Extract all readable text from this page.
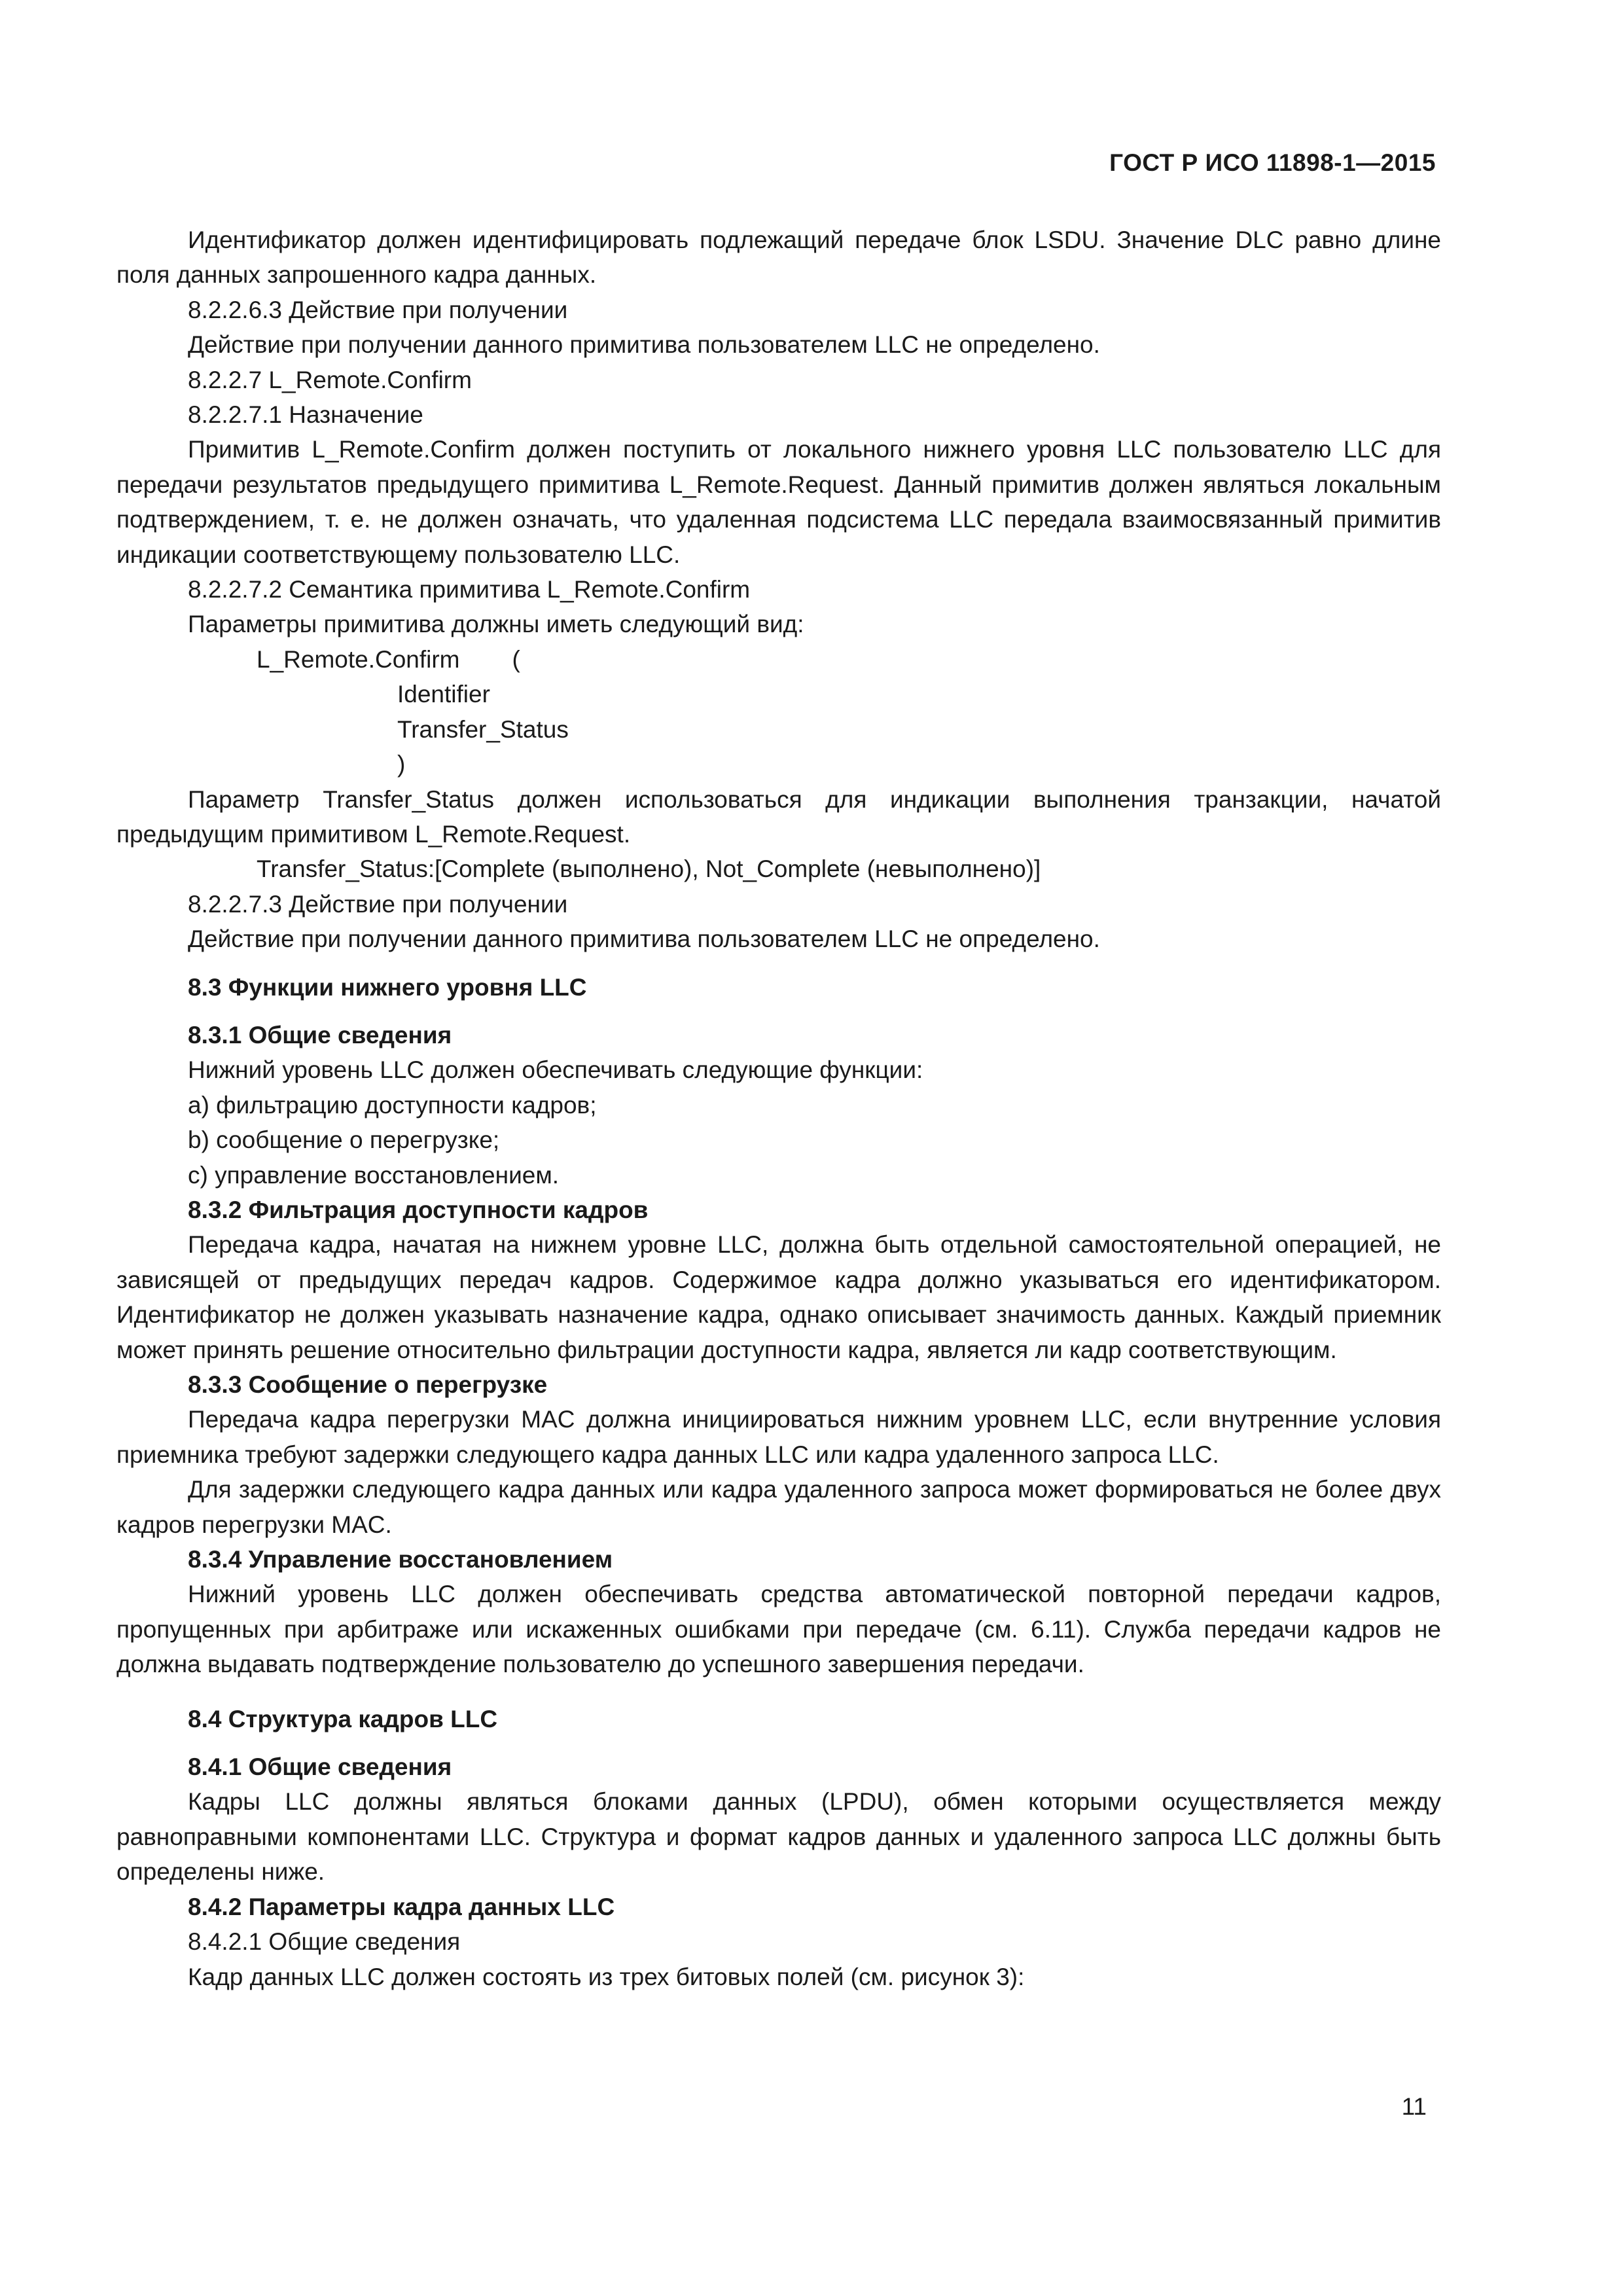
ГОСТ Р ИСО 11898-1—2015

Идентификатор должен идентифицировать подлежащий передаче блок LSDU. Значение DLC равно длине поля данных запрошенного кадра данных.

8.2.2.6.3 Действие при получении

Действие при получении данного примитива пользователем LLC не определено.

8.2.2.7 L_Remote.Confirm

8.2.2.7.1 Назначение

Примитив L_Remote.Confirm должен поступить от локального нижнего уровня LLC пользователю LLC для передачи результатов предыдущего примитива L_Remote.Request. Данный примитив должен являться локальным подтверждением, т. е. не должен означать, что удаленная подсистема LLC передала взаимосвязанный примитив индикации соответствующему пользователю LLC.

8.2.2.7.2 Семантика примитива L_Remote.Confirm

Параметры примитива должны иметь следующий вид:

L_Remote.Confirm (

Identifier

Transfer_Status

)

Параметр Transfer_Status должен использоваться для индикации выполнения транзакции, начатой предыдущим примитивом L_Remote.Request.

Transfer_Status:[Complete (выполнено), Not_Complete (невыполнено)]

8.2.2.7.3 Действие при получении

Действие при получении данного примитива пользователем LLC не определено.

8.3 Функции нижнего уровня LLC

8.3.1 Общие сведения

Нижний уровень LLC должен обеспечивать следующие функции:

a) фильтрацию доступности кадров;

b) сообщение о перегрузке;

c) управление восстановлением.

8.3.2 Фильтрация доступности кадров

Передача кадра, начатая на нижнем уровне LLC, должна быть отдельной самостоятельной операцией, не зависящей от предыдущих передач кадров. Содержимое кадра должно указываться его идентификатором. Идентификатор не должен указывать назначение кадра, однако описывает значимость данных. Каждый приемник может принять решение относительно фильтрации доступности кадра, является ли кадр соответствующим.

8.3.3 Сообщение о перегрузке

Передача кадра перегрузки MAC должна инициироваться нижним уровнем LLC, если внутренние условия приемника требуют задержки следующего кадра данных LLC или кадра удаленного запроса LLC.

Для задержки следующего кадра данных или кадра удаленного запроса может формироваться не более двух кадров перегрузки MAC.

8.3.4 Управление восстановлением

Нижний уровень LLC должен обеспечивать средства автоматической повторной передачи кадров, пропущенных при арбитраже или искаженных ошибками при передаче (см. 6.11). Служба передачи кадров не должна выдавать подтверждение пользователю до успешного завершения передачи.

8.4 Структура кадров LLC

8.4.1 Общие сведения

Кадры LLC должны являться блоками данных (LPDU), обмен которыми осуществляется между равноправными компонентами LLC. Структура и формат кадров данных и удаленного запроса LLC должны быть определены ниже.

8.4.2 Параметры кадра данных LLC

8.4.2.1 Общие сведения

Кадр данных LLC должен состоять из трех битовых полей (см. рисунок 3):

11
